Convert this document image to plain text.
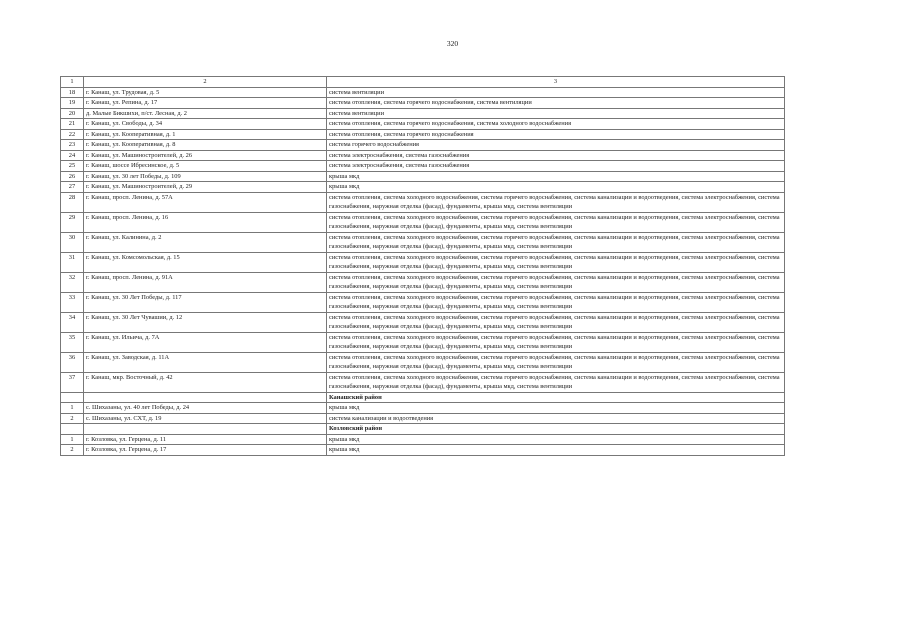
320
1	2	3
18	г. Канаш, ул. Трудовая, д. 5	система вентиляции
19	г. Канаш, ул. Репина, д. 17	система отопления, система горячего водоснабжения, система вентиляции
20	д. Малые Бикшихи, п/ст. Лесная, д. 2	система вентиляции
21	г. Канаш, ул. Свободы, д. 34	система отопления, система горячего водоснабжения, система холодного водоснабжения
22	г. Канаш, ул. Кооперативная, д. 1	система отопления, система горячего водоснабжения
23	г. Канаш, ул. Кооперативная, д. 8	система горячего водоснабжения
24	г. Канаш, ул. Машиностроителей, д. 26	система электроснабжения, система газоснабжения
25	г. Канаш, шоссе Ибресинское, д. 5	система электроснабжения, система газоснабжения
26	г. Канаш, ул. 30 лет Победы, д. 109	крыша мкд
27	г. Канаш, ул. Машиностроителей, д. 29	крыша мкд
28	г. Канаш, просп. Ленина, д. 57А	система отопления, система холодного водоснабжения, система горячего водоснабжения, система канализации и водоотведения, система электроснабжения, система газоснабжения, наружная отделка (фасад), фундаменты, крыша мкд, система вентиляции
29	г. Канаш, просп. Ленина, д. 16	система отопления, система холодного водоснабжения, система горячего водоснабжения, система канализации и водоотведения, система электроснабжения, система газоснабжения, наружная отделка (фасад), фундаменты, крыша мкд, система вентиляции
30	г. Канаш, ул. Калинина, д. 2	система отопления, система холодного водоснабжения, система горячего водоснабжения, система канализации и водоотведения, система электроснабжения, система газоснабжения, наружная отделка (фасад), фундаменты, крыша мкд, система вентиляции
31	г. Канаш, ул. Комсомольская, д. 15	система отопления, система холодного водоснабжения, система горячего водоснабжения, система канализации и водоотведения, система электроснабжения, система газоснабжения, наружная отделка (фасад), фундаменты, крыша мкд, система вентиляции
32	г. Канаш, просп. Ленина, д. 91А	система отопления, система холодного водоснабжения, система горячего водоснабжения, система канализации и водоотведения, система электроснабжения, система газоснабжения, наружная отделка (фасад), фундаменты, крыша мкд, система вентиляции
33	г. Канаш, ул. 30 Лет Победы, д. 117	система отопления, система холодного водоснабжения, система горячего водоснабжения, система канализации и водоотведения, система электроснабжения, система газоснабжения, наружная отделка (фасад), фундаменты, крыша мкд, система вентиляции
34	г. Канаш, ул. 30 Лет Чувашии, д. 12	система отопления, система холодного водоснабжения, система горячего водоснабжения, система канализации и водоотведения, система электроснабжения, система газоснабжения, наружная отделка (фасад), фундаменты, крыша мкд, система вентиляции
35	г. Канаш, ул. Ильича, д. 7А	система отопления, система холодного водоснабжения, система горячего водоснабжения, система канализации и водоотведения, система электроснабжения, система газоснабжения, наружная отделка (фасад), фундаменты, крыша мкд, система вентиляции
36	г. Канаш, ул. Заводская, д. 11А	система отопления, система холодного водоснабжения, система горячего водоснабжения, система канализации и водоотведения, система электроснабжения, система газоснабжения, наружная отделка (фасад), фундаменты, крыша мкд, система вентиляции
37	г. Канаш, мкр. Восточный, д. 42	система отопления, система холодного водоснабжения, система горячего водоснабжения, система канализации и водоотведения, система электроснабжения, система газоснабжения, наружная отделка (фасад), фундаменты, крыша мкд, система вентиляции
		Канашский район
1	с. Шихазаны, ул. 40 лет Победы, д. 24	крыша мкд
2	с. Шихазаны, ул. СХТ, д. 19	система канализации и водоотведения
		Козловский район
1	г. Козловка, ул. Герцена, д. 11	крыша мкд
2	г. Козловка, ул. Герцена, д. 17	крыша мкд
